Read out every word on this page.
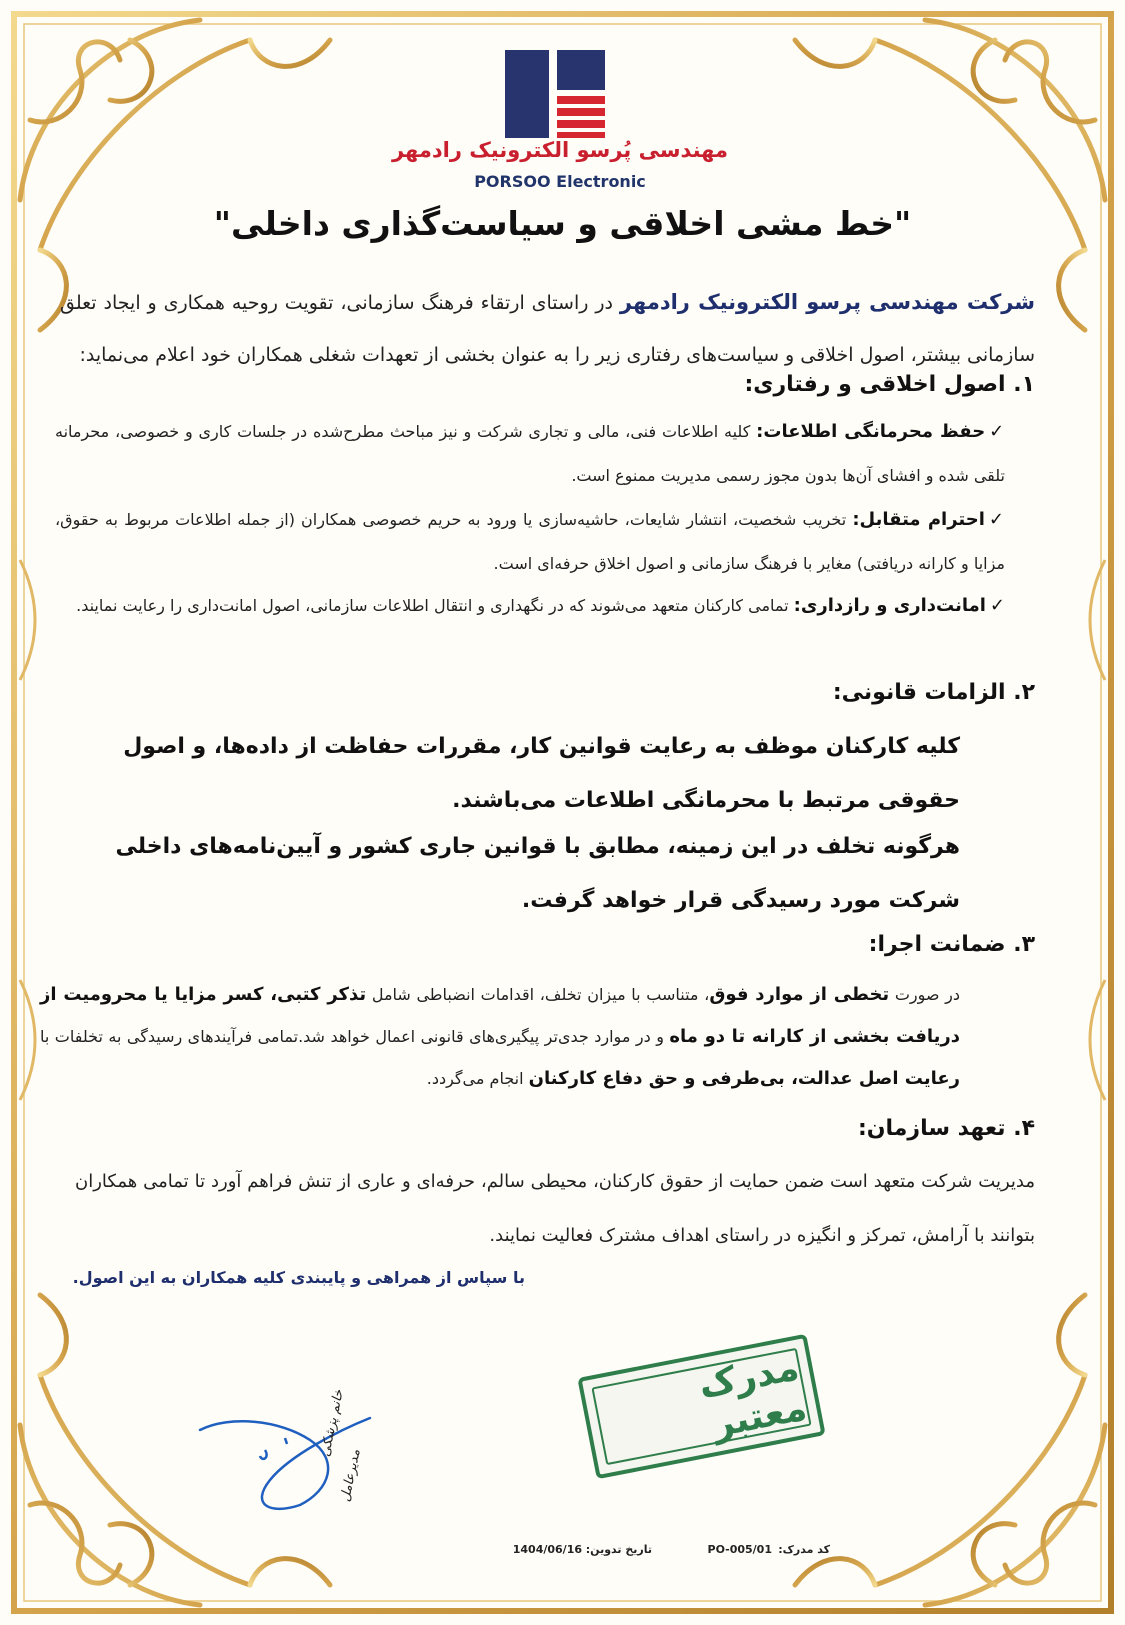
مهندسی پُرسو الکترونیک رادمهر
PORSOO Electronic
"خط مشی اخلاقی و سیاست‌گذاری داخلی"
شرکت مهندسی پرسو الکترونیک رادمهر در راستای ارتقاء فرهنگ سازمانی، تقویت روحیه همکاری و ایجاد تعلق سازمانی بیشتر، اصول اخلاقی و سیاست‌های رفتاری زیر را به عنوان بخشی از تعهدات شغلی همکاران خود اعلام می‌نماید:
۱. اصول اخلاقی و رفتاری:
✓حفظ محرمانگی اطلاعات: کلیه اطلاعات فنی، مالی و تجاری شرکت و نیز مباحث مطرح‌شده در جلسات کاری و خصوصی، محرمانه تلقی شده و افشای آن‌ها بدون مجوز رسمی مدیریت ممنوع است.
✓احترام متقابل: تخریب شخصیت، انتشار شایعات، حاشیه‌سازی یا ورود به حریم خصوصی همکاران (از جمله اطلاعات مربوط به حقوق، مزایا و کارانه دریافتی) مغایر با فرهنگ سازمانی و اصول اخلاق حرفه‌ای است.
✓امانت‌داری و رازداری: تمامی کارکنان متعهد می‌شوند که در نگهداری و انتقال اطلاعات سازمانی، اصول امانت‌داری را رعایت نمایند.
۲. الزامات قانونی:
کلیه کارکنان موظف به رعایت قوانین کار، مقررات حفاظت از داده‌ها، و اصول حقوقی مرتبط با محرمانگی اطلاعات می‌باشند.
هرگونه تخلف در این زمینه، مطابق با قوانین جاری کشور و آیین‌نامه‌های داخلی شرکت مورد رسیدگی قرار خواهد گرفت.
۳. ضمانت اجرا:
در صورت تخطی از موارد فوق، متناسب با میزان تخلف، اقدامات انضباطی شامل تذکر کتبی، کسر مزایا یا محرومیت از دریافت بخشی از کارانه تا دو ماه و در موارد جدی‌تر پیگیری‌های قانونی اعمال خواهد شد.تمامی فرآیندهای رسیدگی به تخلفات با رعایت اصل عدالت، بی‌طرفی و حق دفاع کارکنان انجام می‌گردد.
۴. تعهد سازمان:
مدیریت شرکت متعهد است ضمن حمایت از حقوق کارکنان، محیطی سالم، حرفه‌ای و عاری از تنش فراهم آورد تا تمامی همکاران بتوانند با آرامش، تمرکز و انگیزه در راستای اهداف مشترک فعالیت نمایند.
با سپاس از همراهی و پایبندی کلیه همکاران به این اصول.
مدرک معتبر
خانم پزشکی
مدیرعامل
کد مدرک:
PO-005/01
تاریخ تدوین:
1404/06/16
